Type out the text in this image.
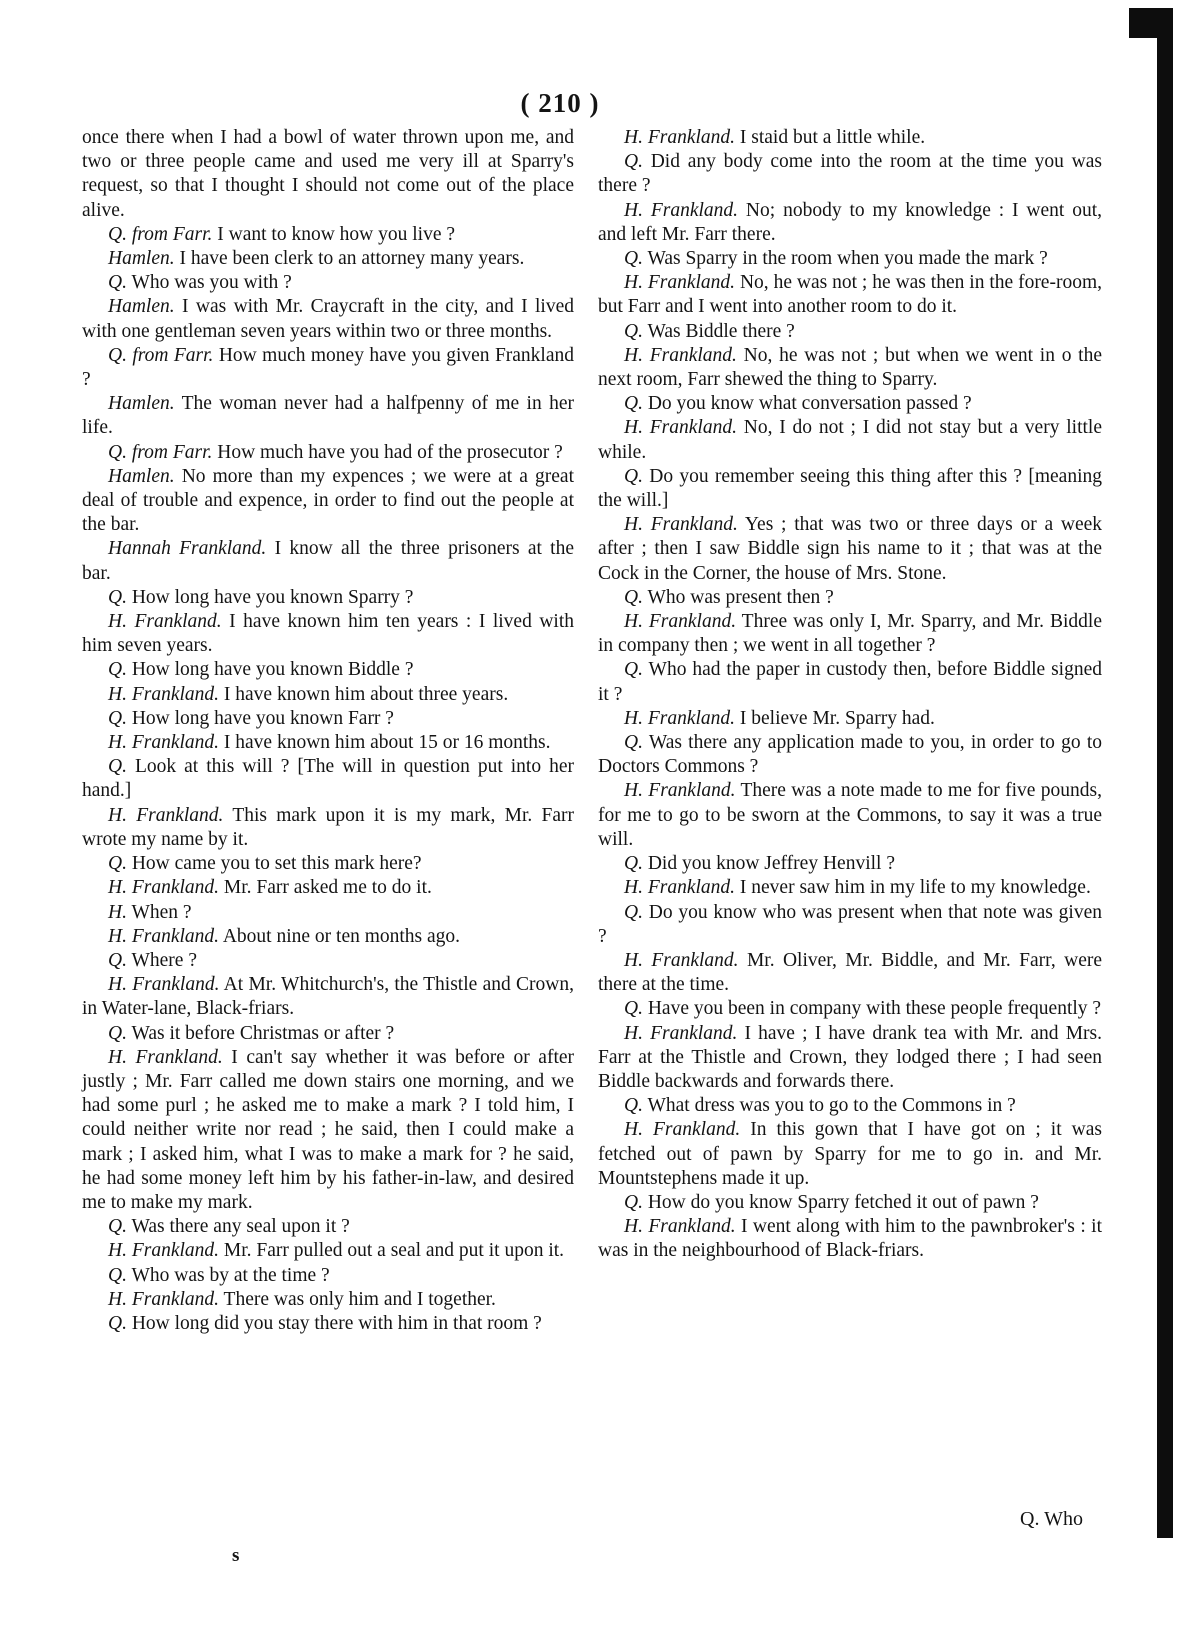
( 210 )

once there when I had a bowl of water thrown upon me, and two or three people came and used me very ill at Sparry's request, so that I thought I should not come out of the place alive.

Q. from Farr. I want to know how you live ?

Hamlen. I have been clerk to an attorney many years.

Q. Who was you with ?

Hamlen. I was with Mr. Craycraft in the city, and I lived with one gentleman seven years within two or three months.

Q. from Farr. How much money have you given Frankland ?

Hamlen. The woman never had a halfpenny of me in her life.

Q. from Farr. How much have you had of the prosecutor ?

Hamlen. No more than my expences ; we were at a great deal of trouble and expence, in order to find out the people at the bar.

Hannah Frankland. I know all the three prisoners at the bar.

Q. How long have you known Sparry ?

H. Frankland. I have known him ten years : I lived with him seven years.

Q. How long have you known Biddle ?

H. Frankland. I have known him about three years.

Q. How long have you known Farr ?

H. Frankland. I have known him about 15 or 16 months.

Q. Look at this will ? [The will in question put into her hand.]

H. Frankland. This mark upon it is my mark, Mr. Farr wrote my name by it.

Q. How came you to set this mark here?

H. Frankland. Mr. Farr asked me to do it.

H. When ?

H. Frankland. About nine or ten months ago.

Q. Where ?

H. Frankland. At Mr. Whitchurch's, the Thistle and Crown, in Water-lane, Black-friars.

Q. Was it before Christmas or after ?

H. Frankland. I can't say whether it was before or after justly ; Mr. Farr called me down stairs one morning, and we had some purl ; he asked me to make a mark ? I told him, I could neither write nor read ; he said, then I could make a mark ; I asked him, what I was to make a mark for ? he said, he had some money left him by his father-in-law, and desired me to make my mark.

Q. Was there any seal upon it ?

H. Frankland. Mr. Farr pulled out a seal and put it upon it.

Q. Who was by at the time ?

H. Frankland. There was only him and I together.

Q. How long did you stay there with him in that room ?

H. Frankland. I staid but a little while.

Q. Did any body come into the room at the time you was there ?

H. Frankland. No; nobody to my knowledge : I went out, and left Mr. Farr there.

Q. Was Sparry in the room when you made the mark ?

H. Frankland. No, he was not ; he was then in the fore-room, but Farr and I went into another room to do it.

Q. Was Biddle there ?

H. Frankland. No, he was not ; but when we went in o the next room, Farr shewed the thing to Sparry.

Q. Do you know what conversation passed ?

H. Frankland. No, I do not ; I did not stay but a very little while.

Q. Do you remember seeing this thing after this ? [meaning the will.]

H. Frankland. Yes ; that was two or three days or a week after ; then I saw Biddle sign his name to it ; that was at the Cock in the Corner, the house of Mrs. Stone.

Q. Who was present then ?

H. Frankland. Three was only I, Mr. Sparry, and Mr. Biddle in company then ; we went in all together ?

Q. Who had the paper in custody then, before Biddle signed it ?

H. Frankland. I believe Mr. Sparry had.

Q. Was there any application made to you, in order to go to Doctors Commons ?

H. Frankland. There was a note made to me for five pounds, for me to go to be sworn at the Commons, to say it was a true will.

Q. Did you know Jeffrey Henvill ?

H. Frankland. I never saw him in my life to my knowledge.

Q. Do you know who was present when that note was given ?

H. Frankland. Mr. Oliver, Mr. Biddle, and Mr. Farr, were there at the time.

Q. Have you been in company with these people frequently ?

H. Frankland. I have ; I have drank tea with Mr. and Mrs. Farr at the Thistle and Crown, they lodged there ; I had seen Biddle backwards and forwards there.

Q. What dress was you to go to the Commons in ?

H. Frankland. In this gown that I have got on ; it was fetched out of pawn by Sparry for me to go in. and Mr. Mountstephens made it up.

Q. How do you know Sparry fetched it out of pawn ?

H. Frankland. I went along with him to the pawnbroker's : it was in the neighbourhood of Black-friars.

Q. Who
s
